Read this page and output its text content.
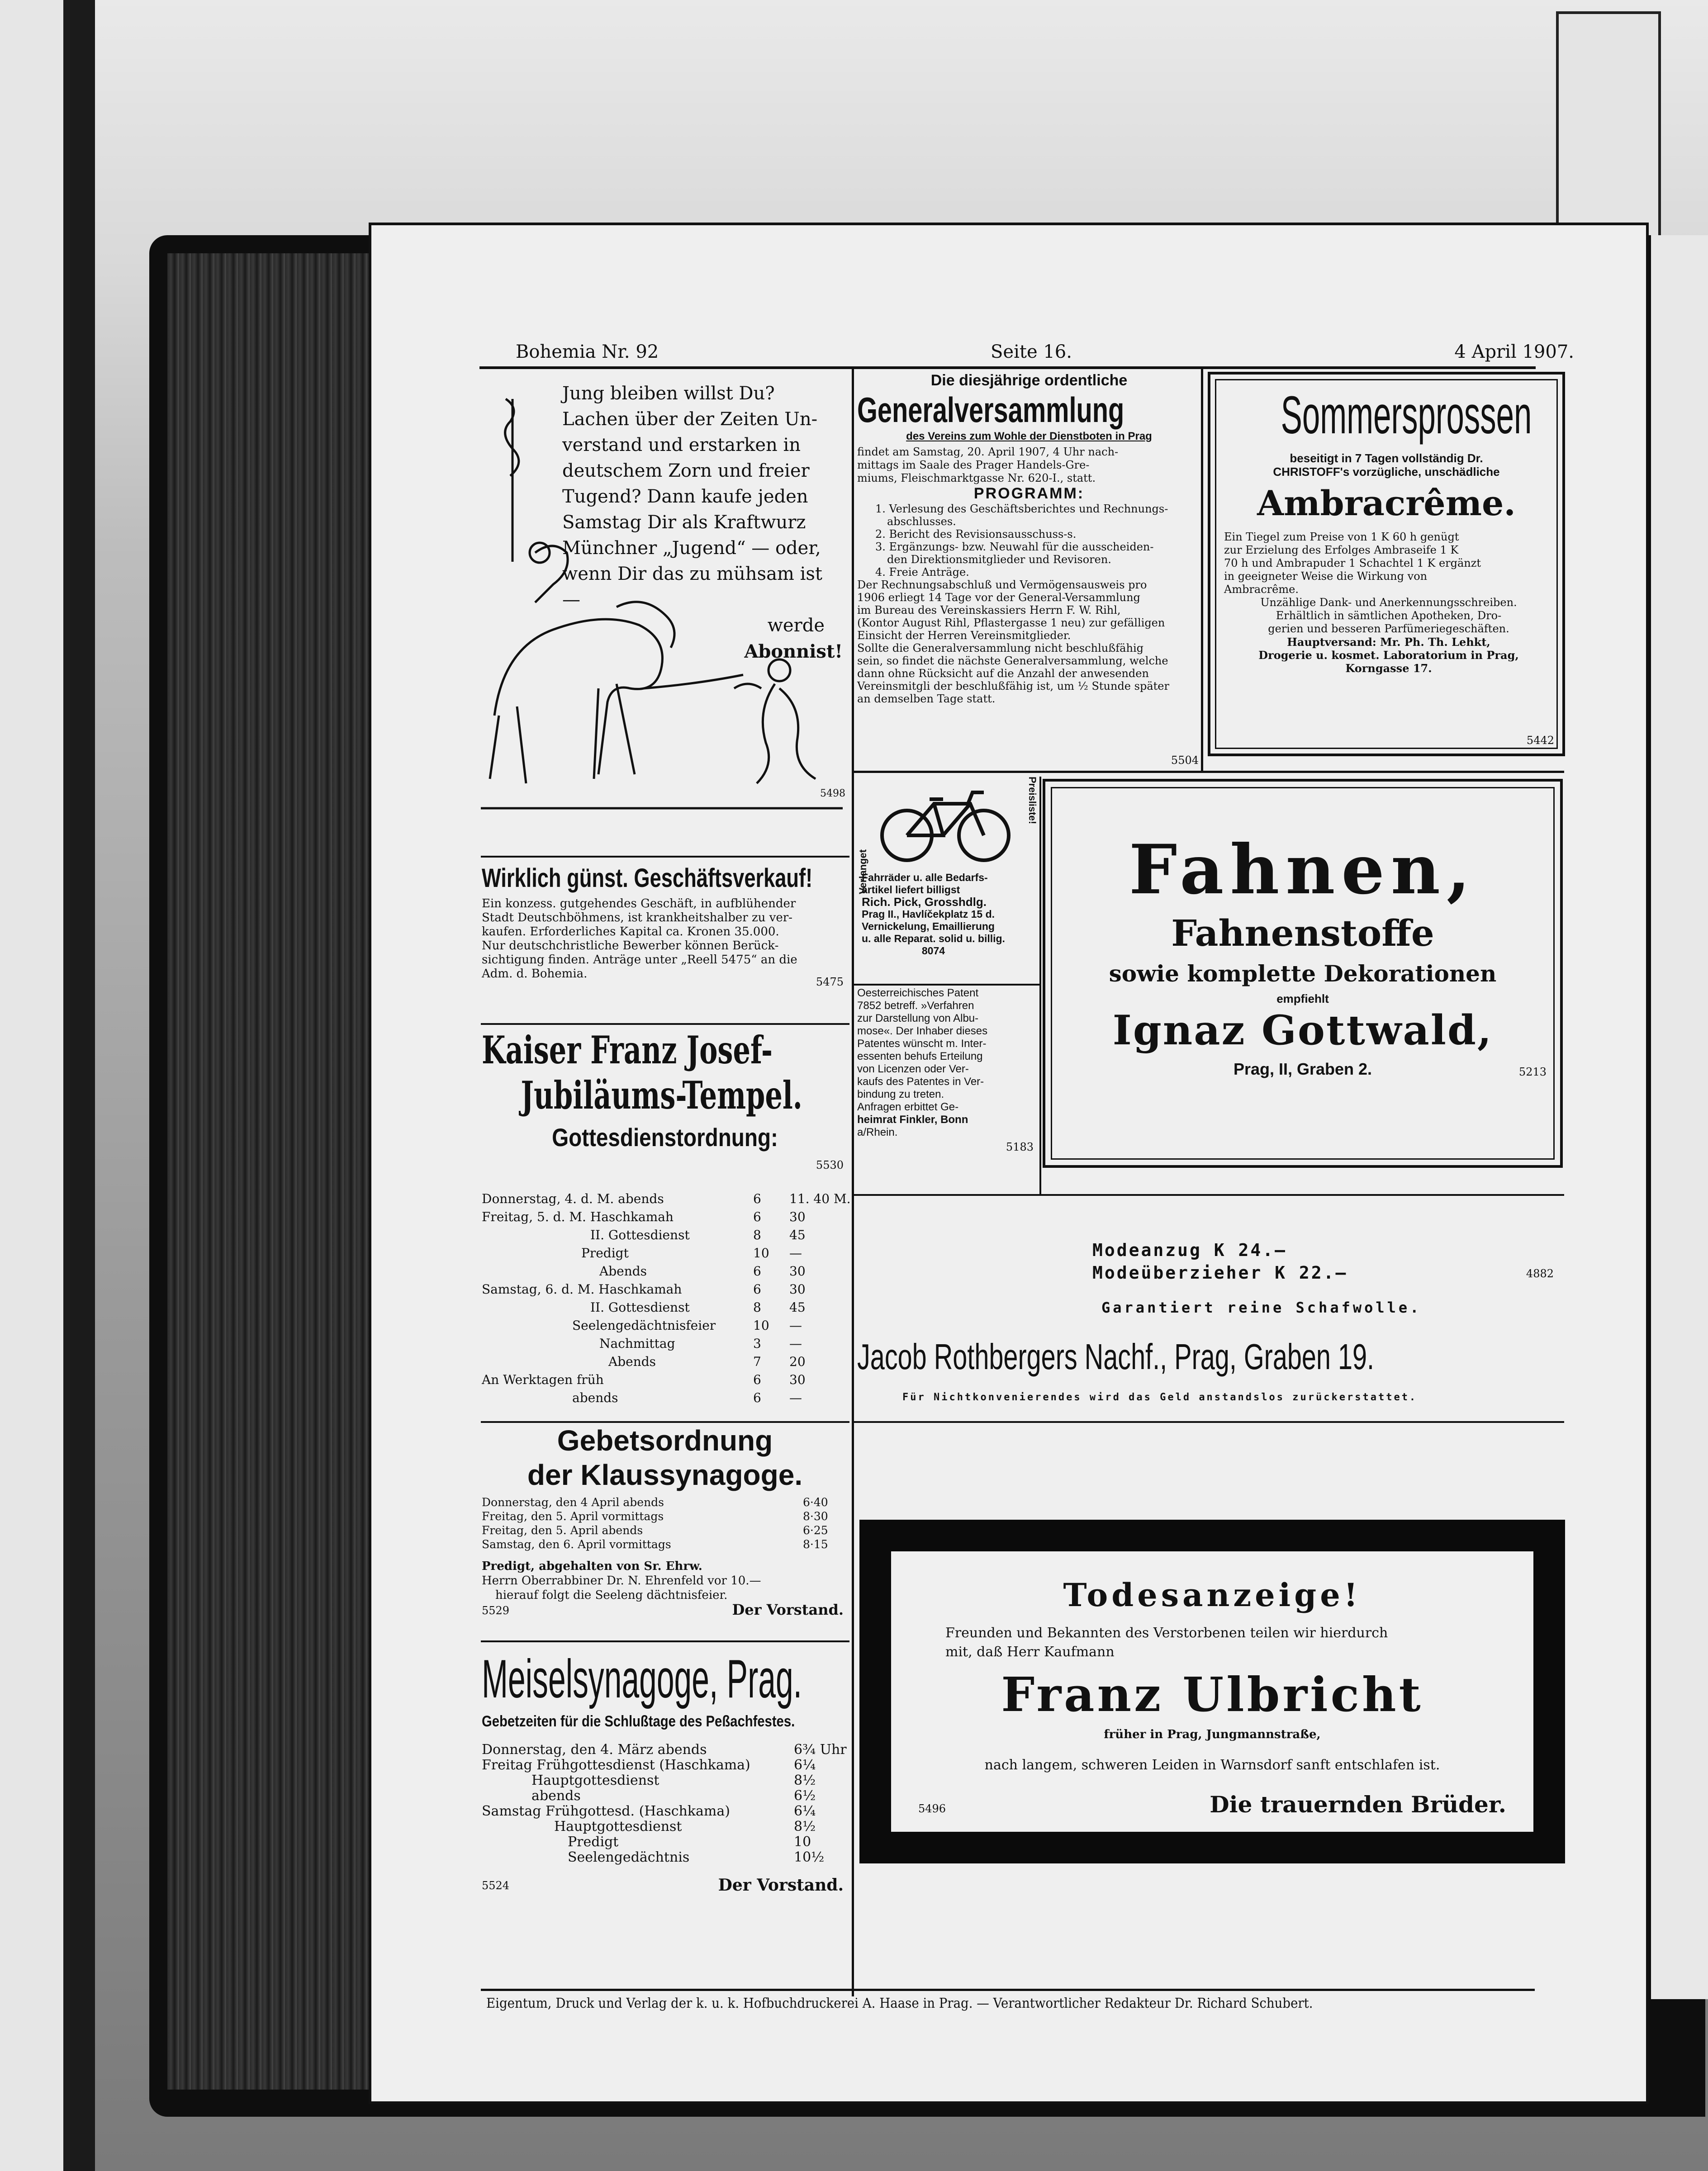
Bohemia Nr. 92	Seite 16.	4 April 1907.
Jung bleiben willst Du?
Lachen über der Zeiten Un-
verstand und erstarken in
deutschem Zorn und freier
Tugend? Dann kaufe jeden
Samstag Dir als Kraftwurz
Münchner „Jugend“ — oder,
wenn Dir das zu mühsam ist —
werde
Abonnist!
5498
Wirklich günst. Geschäftsverkauf!
Ein konzess. gutgehendes Geschäft, in aufblühender
Stadt Deutschböhmens, ist krankheitshalber zu ver-
kaufen. Erforderliches Kapital ca. Kronen 35.000.
Nur deutschchristliche Bewerber können Berück-
sichtigung finden. Anträge unter „Reell 5475“ an die
Adm. d. Bohemia.
5475
Kaiser Franz Josef-
Jubiläums-Tempel.
Gottesdienstordnung:
5530
Donnerstag, 4. d. M. abends	6 11. 40 M.
Freitag, 5. d. M. Haschkamah	6 30
II. Gottesdienst	8 45
Predigt	10 —
Abends	6 30
Samstag, 6. d. M. Haschkamah	6 30
II. Gottesdienst	8 45
Seelengedächtnisfeier	10 —
Nachmittag	3 —
Abends	7 20
An Werktagen früh	6 30
abends	6 —
Gebetsordnung
der Klaussynagoge.
Donnerstag, den 4 April abends	6·40
Freitag, den 5. April vormittags	8·30
Freitag, den 5. April abends	6·25
Samstag, den 6. April vormittags	8·15
Predigt, abgehalten von Sr. Ehrw.
Herrn Oberrabbiner Dr. N. Ehrenfeld vor 10.—
hierauf folgt die Seeleng dächtnisfeier.
5529	Der Vorstand.
Meiselsynagoge, Prag.
Gebetzeiten für die Schlußtage des Peßachfestes.
Donnerstag, den 4. März abends	6¾ Uhr
Freitag Frühgottesdienst (Haschkama)	6¼
Hauptgottesdienst	8½
abends	6½
Samstag Frühgottesd. (Haschkama)	6¼
Hauptgottesdienst	8½
Predigt	10
Seelengedächtnis	10½
5524	Der Vorstand.
Die diesjährige ordentliche
Generalversammlung
des Vereins zum Wohle der Dienstboten in Prag
findet am Samstag, 20. April 1907, 4 Uhr nach-
mittags im Saale des Prager Handels-Gre-
miums, Fleischmarktgasse Nr. 620-I., statt.
PROGRAMM:
1. Verlesung des Geschäftsberichtes und Rechnungs-
abschlusses.
2. Bericht des Revisionsausschuss-s.
3. Ergänzungs- bzw. Neuwahl für die ausscheiden-
den Direktionsmitglieder und Revisoren.
4. Freie Anträge.
Der Rechnungsabschluß und Vermögensausweis pro
1906 erliegt 14 Tage vor der General-Versammlung
im Bureau des Vereinskassiers Herrn F. W. Rihl,
(Kontor August Rihl, Pflastergasse 1 neu) zur gefälligen
Einsicht der Herren Vereinsmitglieder.
Sollte die Generalversammlung nicht beschlußfähig
sein, so findet die nächste Generalversammlung, welche
dann ohne Rücksicht auf die Anzahl der anwesenden
Vereinsmitgli der beschlußfähig ist, um ½ Stunde später
an demselben Tage statt.
5504
Sommersprossen
beseitigt in 7 Tagen vollständig Dr.
CHRISTOFF's vorzügliche, unschädliche
Ambracrême.
Ein Tiegel zum Preise von 1 K 60 h genügt
zur Erzielung des Erfolges Ambraseife 1 K
70 h und Ambrapuder 1 Schachtel 1 K ergänzt
in geeigneter Weise die Wirkung von
Ambracrême.
Unzählige Dank- und Anerkennungsschreiben.
Erhältlich in sämtlichen Apotheken, Dro-
gerien und besseren Parfümeriegeschäften.
Hauptversand: Mr. Ph. Th. Lehkt,
Drogerie u. kosmet. Laboratorium in Prag,
Korngasse 17.
5442
Verlanget
Preisliste!
Fahrräder u. alle Bedarfs-
artikel liefert billigst
Rich. Pick, Grosshdlg.
Prag II., Havlíčekplatz 15 d.
Vernickelung, Emaillierung
u. alle Reparat. solid u. billig.
8074
Oesterreichisches Patent
7852 betreff. »Verfahren
zur Darstellung von Albu-
mose«. Der Inhaber dieses
Patentes wünscht m. Inter-
essenten behufs Erteilung
von Licenzen oder Ver-
kaufs des Patentes in Ver-
bindung zu treten.
Anfragen erbittet Ge-
heimrat Finkler, Bonn
a/Rhein.
5183
Fahnen,
Fahnenstoffe
sowie komplette Dekorationen
empfiehlt
Ignaz Gottwald,
Prag, II, Graben 2.	5213
Modeanzug K 24.—
Modeüberzieher K 22.—	4882
Garantiert reine Schafwolle.
Jacob Rothbergers Nachf., Prag, Graben 19.
Für Nichtkonvenierendes wird das Geld anstandslos zurückerstattet.
Todesanzeige!
Freunden und Bekannten des Verstorbenen teilen wir hierdurch
mit, daß Herr Kaufmann
Franz Ulbricht
früher in Prag, Jungmannstraße,
nach langem, schweren Leiden in Warnsdorf sanft entschlafen ist.
5496	Die trauernden Brüder.
Eigentum, Druck und Verlag der k. u. k. Hofbuchdruckerei A. Haase in Prag. — Verantwortlicher Redakteur Dr. Richard Schubert.
